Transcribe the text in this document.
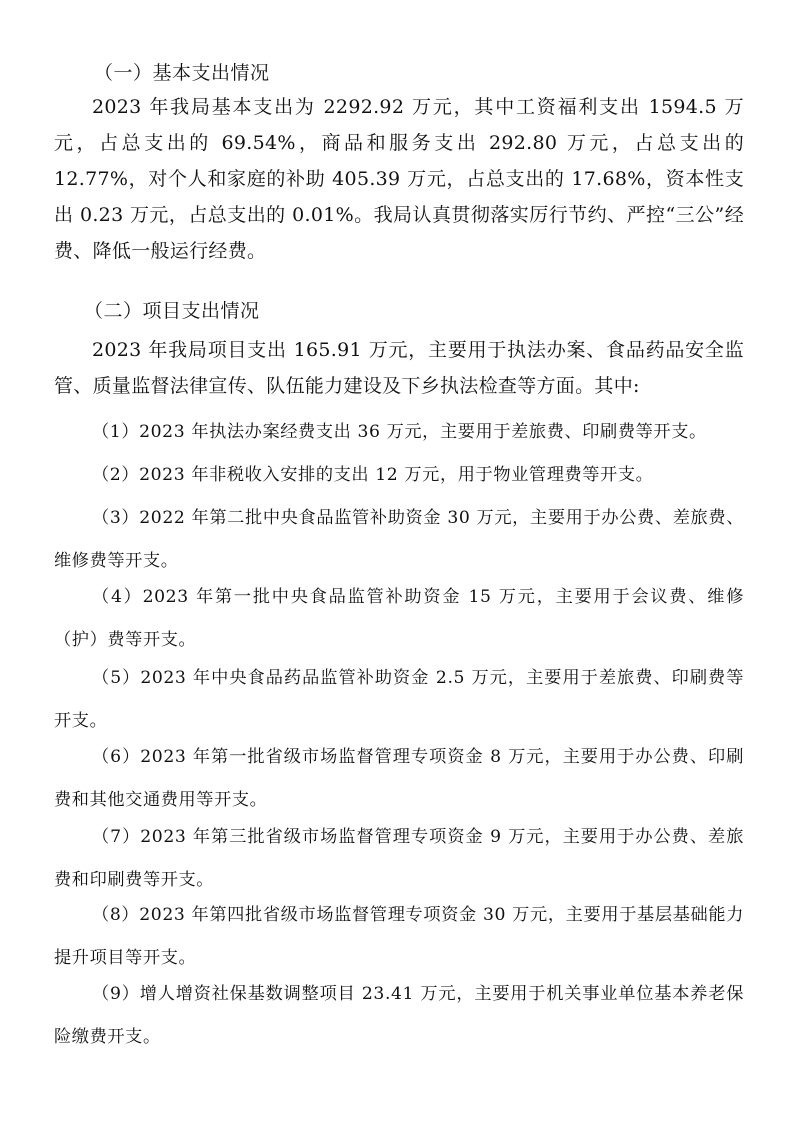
（一）基本支出情况

2023 年我局基本支出为 2292.92 万元，其中工资福利支出 1594.5 万元，占总支出的 69.54%，商品和服务支出 292.80 万元，占总支出的 12.77%，对个人和家庭的补助 405.39 万元，占总支出的 17.68%，资本性支出 0.23 万元，占总支出的 0.01%。我局认真贯彻落实厉行节约、严控“三公”经费、降低一般运行经费。

（二）项目支出情况

2023 年我局项目支出 165.91 万元，主要用于执法办案、食品药品安全监管、质量监督法律宣传、队伍能力建设及下乡执法检查等方面。其中:

（1）2023 年执法办案经费支出 36 万元，主要用于差旅费、印刷费等开支。

（2）2023 年非税收入安排的支出 12 万元，用于物业管理费等开支。

（3）2022 年第二批中央食品监管补助资金 30 万元，主要用于办公费、差旅费、维修费等开支。

（4）2023 年第一批中央食品监管补助资金 15 万元，主要用于会议费、维修（护）费等开支。

（5）2023 年中央食品药品监管补助资金 2.5 万元，主要用于差旅费、印刷费等开支。

（6）2023 年第一批省级市场监督管理专项资金 8 万元，主要用于办公费、印刷费和其他交通费用等开支。

（7）2023 年第三批省级市场监督管理专项资金 9 万元，主要用于办公费、差旅费和印刷费等开支。

（8）2023 年第四批省级市场监督管理专项资金 30 万元，主要用于基层基础能力提升项目等开支。

（9）增人增资社保基数调整项目 23.41 万元，主要用于机关事业单位基本养老保险缴费开支。
